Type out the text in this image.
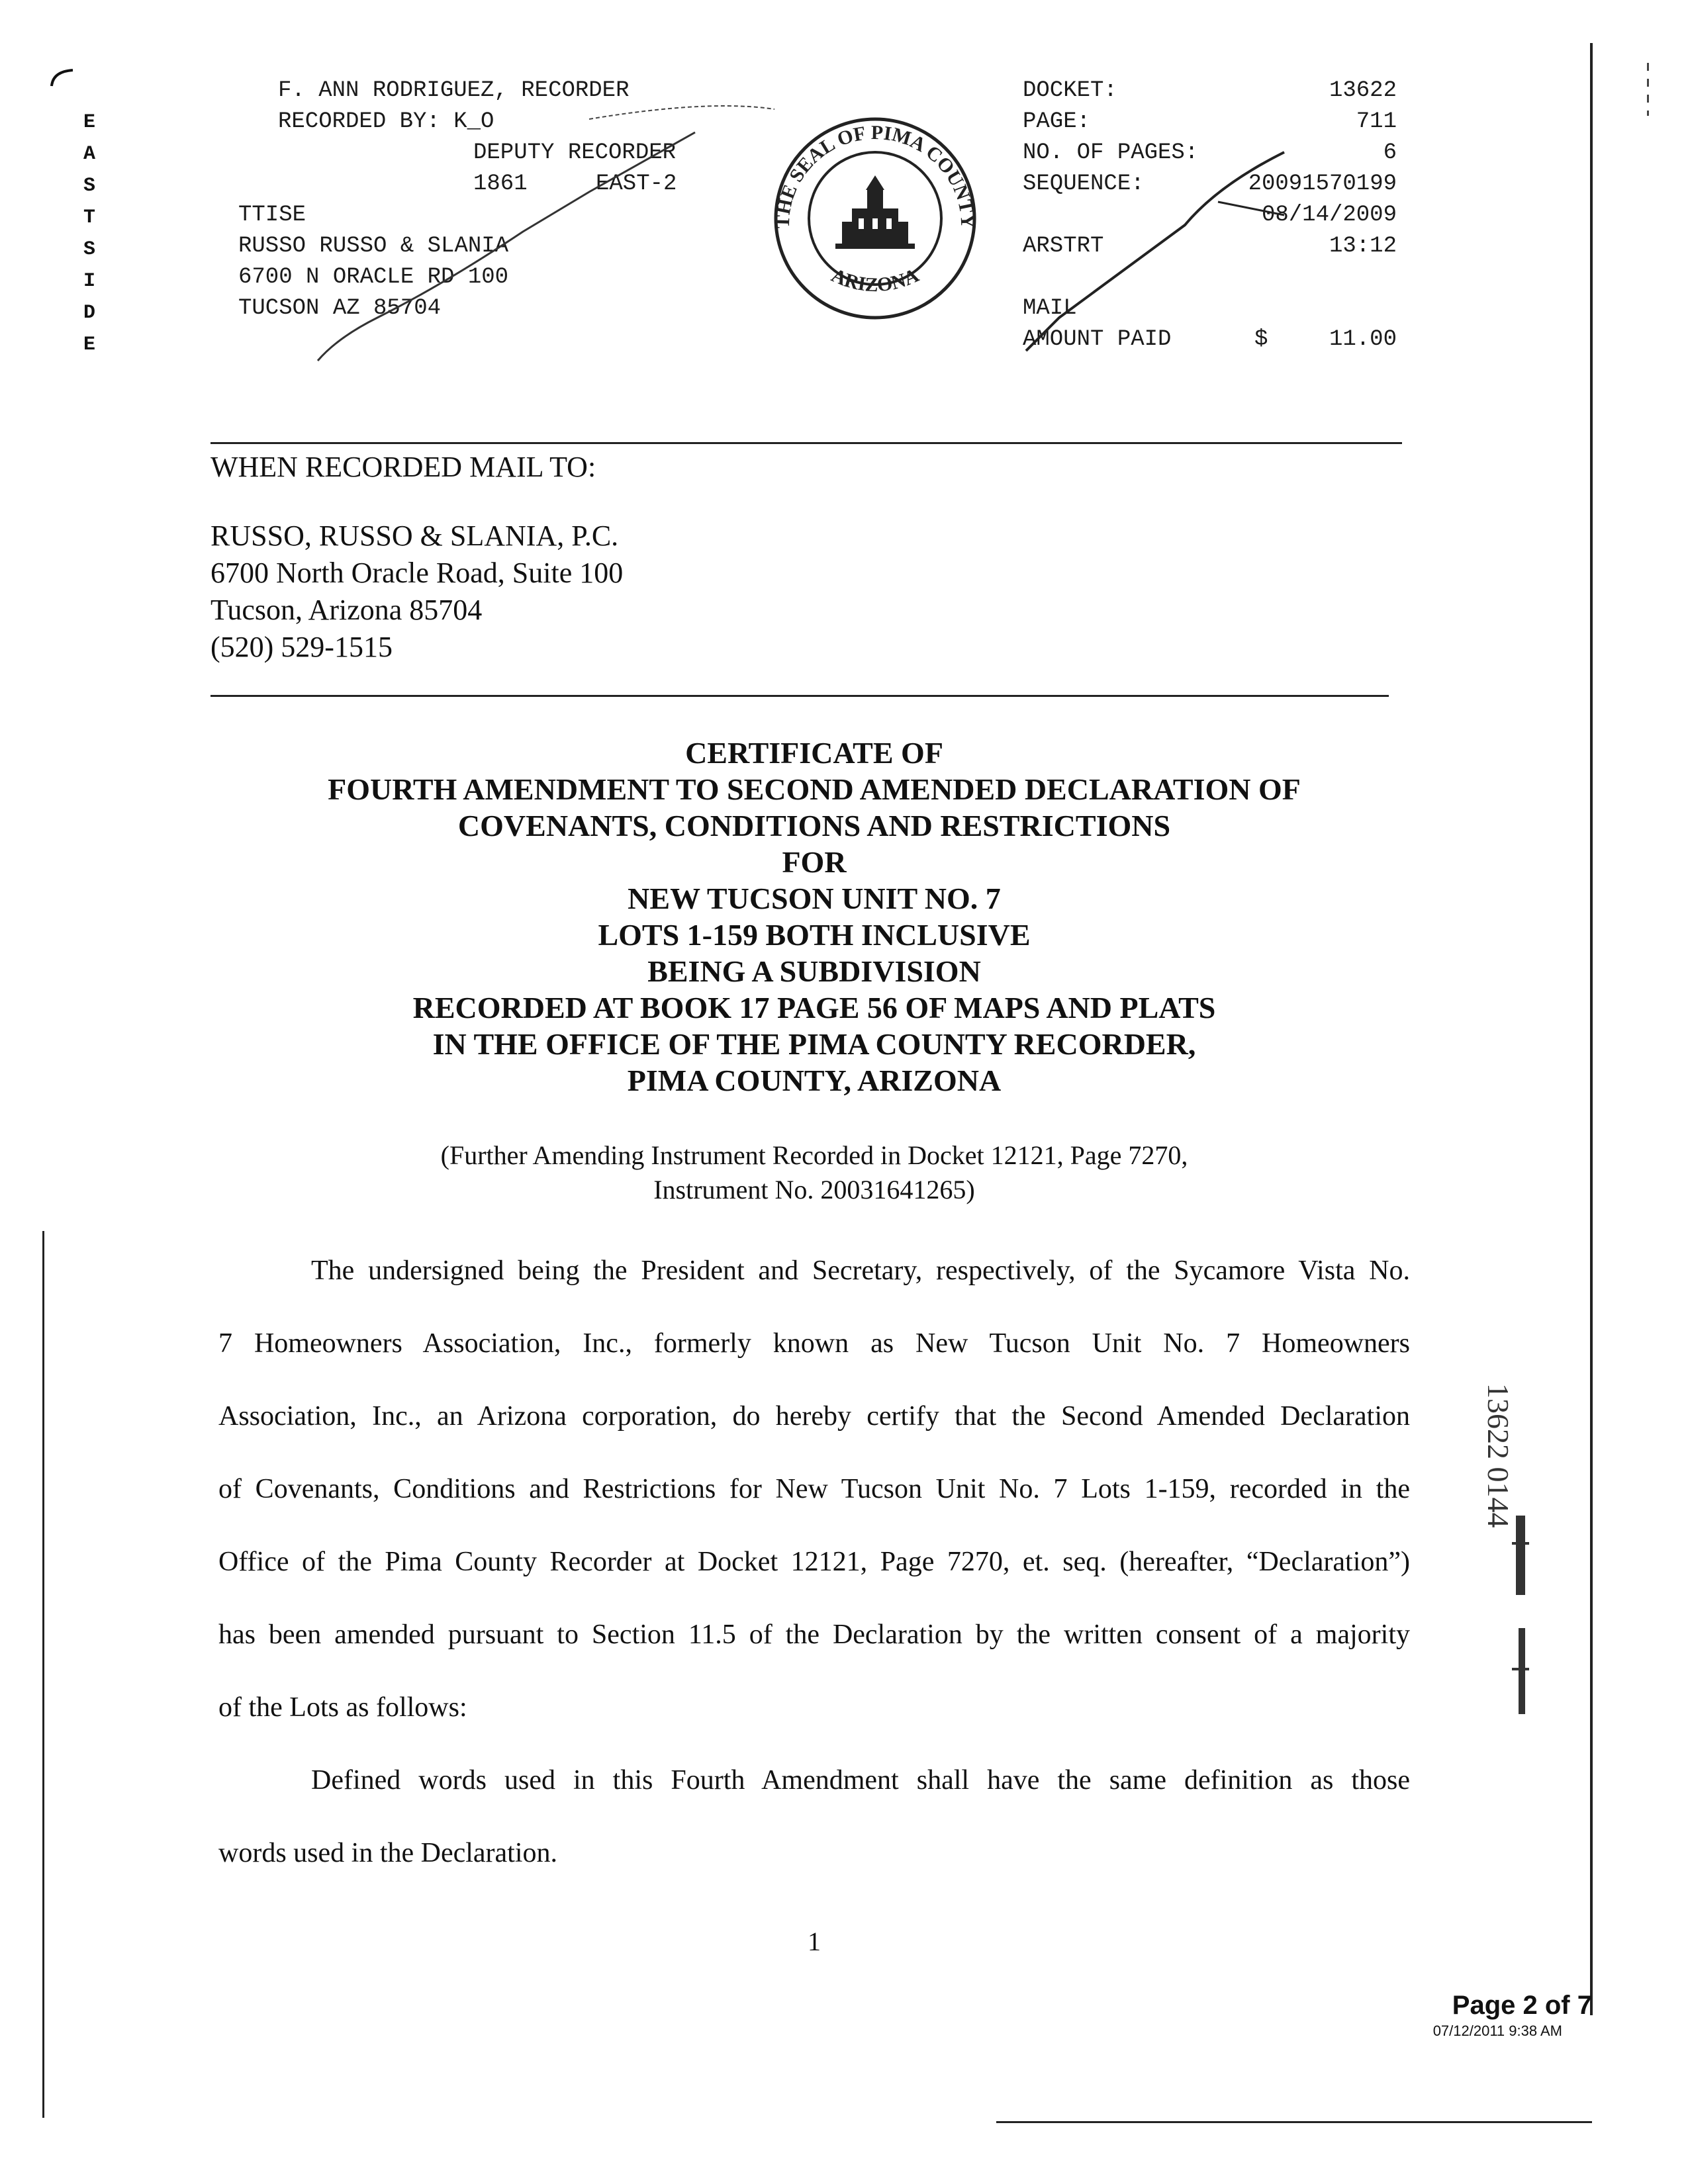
E
A
S
T
S
I
D
E
F. ANN RODRIGUEZ, RECORDER
RECORDED BY: K_O
DEPUTY RECORDER
1861	EAST-2
TTISE
RUSSO RUSSO & SLANIA
6700 N ORACLE RD 100
TUCSON AZ 85704
THE SEAL OF PIMA COUNTY
ARIZONA
DOCKET:	13622
PAGE:	711
NO. OF PAGES:	6
SEQUENCE:	20091570199
08/14/2009
ARSTRT	13:12
MAIL
AMOUNT PAID	$	11.00
WHEN RECORDED MAIL TO:
RUSSO, RUSSO & SLANIA, P.C.
6700 North Oracle Road, Suite 100
Tucson, Arizona 85704
(520) 529-1515
CERTIFICATE OF
FOURTH AMENDMENT TO SECOND AMENDED DECLARATION OF
COVENANTS, CONDITIONS AND RESTRICTIONS
FOR
NEW TUCSON UNIT NO. 7
LOTS 1-159 BOTH INCLUSIVE
BEING A SUBDIVISION
RECORDED AT BOOK 17 PAGE 56 OF MAPS AND PLATS
IN THE OFFICE OF THE PIMA COUNTY RECORDER,
PIMA COUNTY, ARIZONA
(Further Amending Instrument Recorded in Docket 12121, Page 7270,
Instrument No. 20031641265)

The undersigned being the President and Secretary, respectively, of the Sycamore Vista No.

7 Homeowners Association, Inc., formerly known as New Tucson Unit No. 7 Homeowners

Association, Inc., an Arizona corporation, do hereby certify that the Second Amended Declaration

of Covenants, Conditions and Restrictions for New Tucson Unit No. 7 Lots 1-159, recorded in the

Office of the Pima County Recorder at Docket 12121, Page 7270, et. seq. (hereafter, “Declaration”)

has been amended pursuant to Section 11.5 of the Declaration by the written consent of a majority

of the Lots as follows:

Defined words used in this Fourth Amendment shall have the same definition as those

words used in the Declaration.

13622 0144
1
Page 2 of 7
07/12/2011 9:38 AM
